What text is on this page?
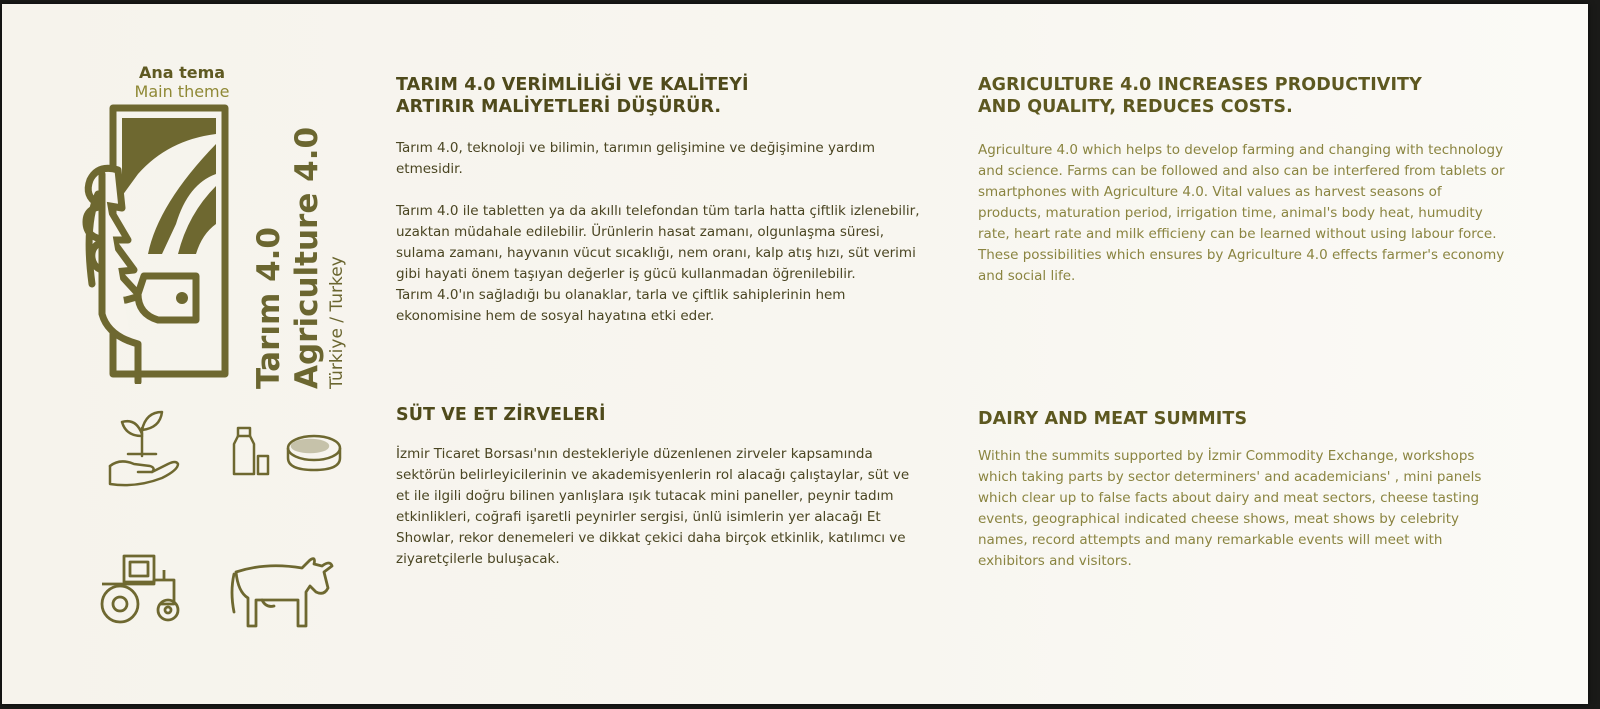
Ana tema
Main theme
Tarım 4.0 Agriculture 4.0 Türkiye / Turkey
TARIM 4.0 VERİMLİLİĞİ VE KALİTEYİ
ARTIRIR MALİYETLERİ DÜŞÜRÜR.

Tarım 4.0, teknoloji ve bilimin, tarımın gelişimine ve değişimine yardım etmesidir.

Tarım 4.0 ile tabletten ya da akıllı telefondan tüm tarla hatta çiftlik izlenebilir, uzaktan müdahale edilebilir. Ürünlerin hasat zamanı, olgunlaşma süresi, sulama zamanı, hayvanın vücut sıcaklığı, nem oranı, kalp atış hızı, süt verimi gibi hayati önem taşıyan değerler iş gücü kullanmadan öğrenilebilir.

Tarım 4.0'ın sağladığı bu olanaklar, tarla ve çiftlik sahiplerinin hem ekonomisine hem de sosyal hayatına etki eder.

AGRICULTURE 4.0 INCREASES PRODUCTIVITY
AND QUALITY, REDUCES COSTS.

Agriculture 4.0 which helps to develop farming and changing with technology and science. Farms can be followed and also can be interfered from tablets or smartphones with Agriculture 4.0. Vital values as harvest seasons of products, maturation period, irrigation time, animal's body heat, humudity rate, heart rate and milk efficieny can be learned without using labour force. These possibilities which ensures by Agriculture 4.0 effects farmer's economy and social life.

SÜT VE ET ZİRVELERİ

İzmir Ticaret Borsası'nın destekleriyle düzenlenen zirveler kapsamında sektörün belirleyicilerinin ve akademisyenlerin rol alacağı çalıştaylar, süt ve et ile ilgili doğru bilinen yanlışlara ışık tutacak mini paneller, peynir tadım etkinlikleri, coğrafi işaretli peynirler sergisi, ünlü isimlerin yer alacağı Et Showlar, rekor denemeleri ve dikkat çekici daha birçok etkinlik, katılımcı ve ziyaretçilerle buluşacak.

DAIRY AND MEAT SUMMITS

Within the summits supported by İzmir Commodity Exchange, workshops which taking parts by sector determiners' and academicians' , mini panels which clear up to false facts about dairy and meat sectors, cheese tasting events, geographical indicated cheese shows, meat shows by celebrity names, record attempts and many remarkable events will meet with exhibitors and visitors.
